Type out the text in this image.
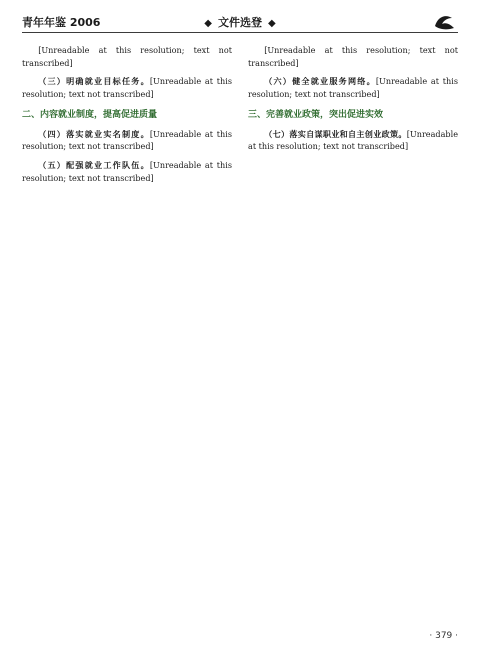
青年年鉴 2006	◆ 文件选登 ◆

[Unreadable at this resolution; text not transcribed]

（三）明确就业目标任务。[Unreadable at this resolution; text not transcribed]

二、内容就业制度，提高促进质量

（四）落实就业实名制度。[Unreadable at this resolution; text not transcribed]

（五）配强就业工作队伍。[Unreadable at this resolution; text not transcribed]

[Unreadable at this resolution; text not transcribed]

（六）健全就业服务网络。[Unreadable at this resolution; text not transcribed]

三、完善就业政策，突出促进实效

（七）落实自谋职业和自主创业政策。[Unreadable at this resolution; text not transcribed]

· 379 ·
